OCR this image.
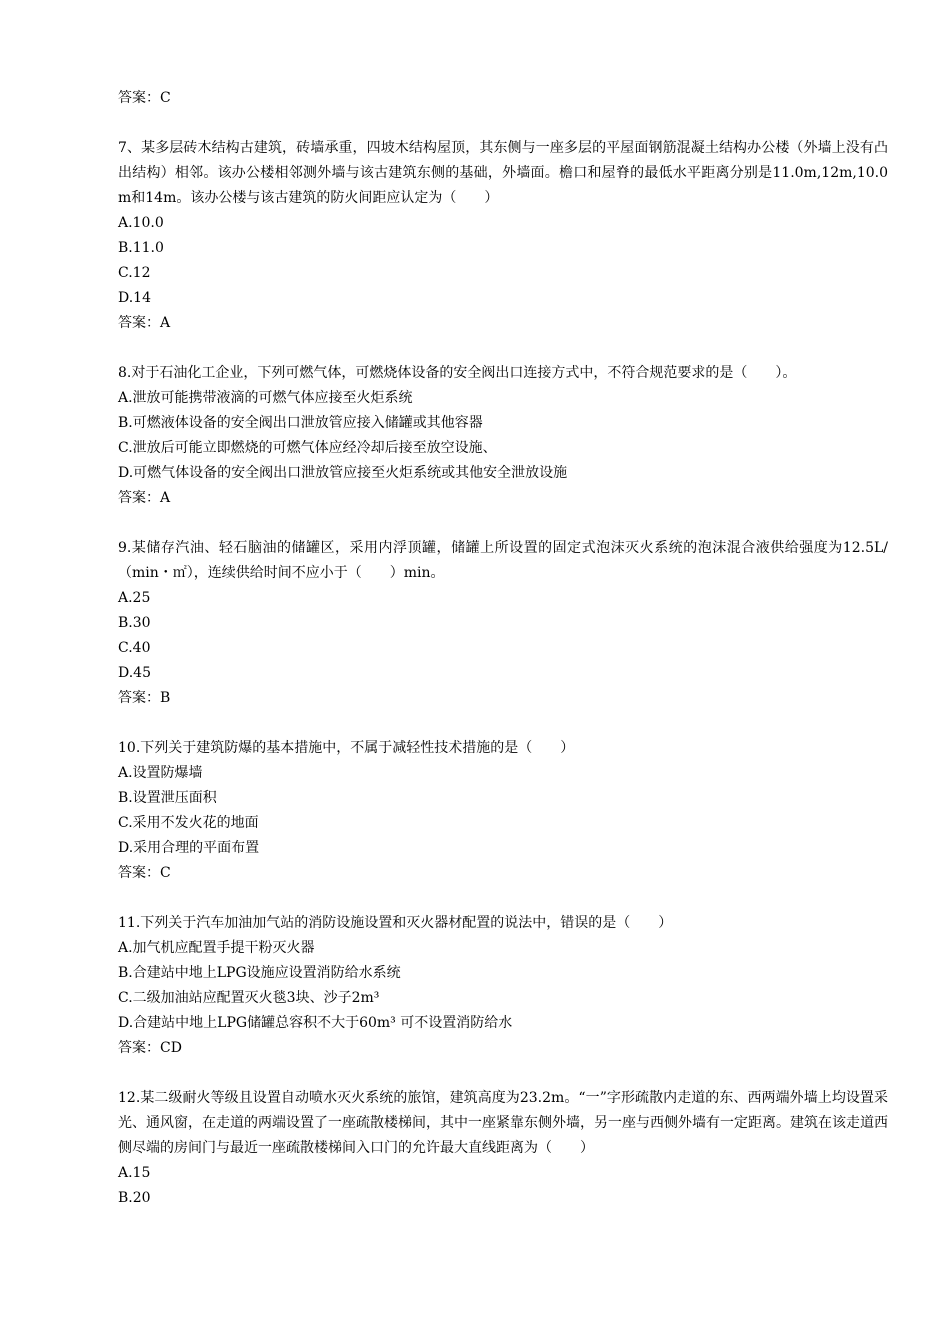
答案：C
7、某多层砖木结构古建筑，砖墙承重，四坡木结构屋顶，其东侧与一座多层的平屋面钢筋混凝土结构办公楼（外墙上没有凸出结构）相邻。该办公楼相邻测外墙与该古建筑东侧的基础，外墙面。檐口和屋脊的最低水平距离分别是11.0m,12m,10.0m和14m。该办公楼与该古建筑的防火间距应认定为（　　）
A.10.0
B.11.0
C.12
D.14
答案：A
8.对于石油化工企业，下列可燃气体，可燃烧体设备的安全阀出口连接方式中，不符合规范要求的是（　　）。
A.泄放可能携带液滴的可燃气体应接至火炬系统
B.可燃液体设备的安全阀出口泄放管应接入储罐或其他容器
C.泄放后可能立即燃烧的可燃气体应经冷却后接至放空设施、
D.可燃气体设备的安全阀出口泄放管应接至火炬系统或其他安全泄放设施
答案：A
9.某储存汽油、轻石脑油的储罐区，采用内浮顶罐，储罐上所设置的固定式泡沫灭火系统的泡沫混合液供给强度为12.5L/（min・㎡），连续供给时间不应小于（　　）min。
A.25
B.30
C.40
D.45
答案：B
10.下列关于建筑防爆的基本措施中，不属于减轻性技术措施的是（　　）
A.设置防爆墙
B.设置泄压面积
C.采用不发火花的地面
D.采用合理的平面布置
答案：C
11.下列关于汽车加油加气站的消防设施设置和灭火器材配置的说法中，错误的是（　　）
A.加气机应配置手提干粉灭火器
B.合建站中地上LPG设施应设置消防给水系统
C.二级加油站应配置灭火毯3块、沙子2m³
D.合建站中地上LPG储罐总容积不大于60m³ 可不设置消防给水
答案：CD
12.某二级耐火等级且设置自动喷水灭火系统的旅馆，建筑高度为23.2m。“一”字形疏散内走道的东、西两端外墙上均设置采光、通风窗，在走道的两端设置了一座疏散楼梯间，其中一座紧靠东侧外墙，另一座与西侧外墙有一定距离。建筑在该走道西侧尽端的房间门与最近一座疏散楼梯间入口门的允许最大直线距离为（　　）
A.15
B.20
